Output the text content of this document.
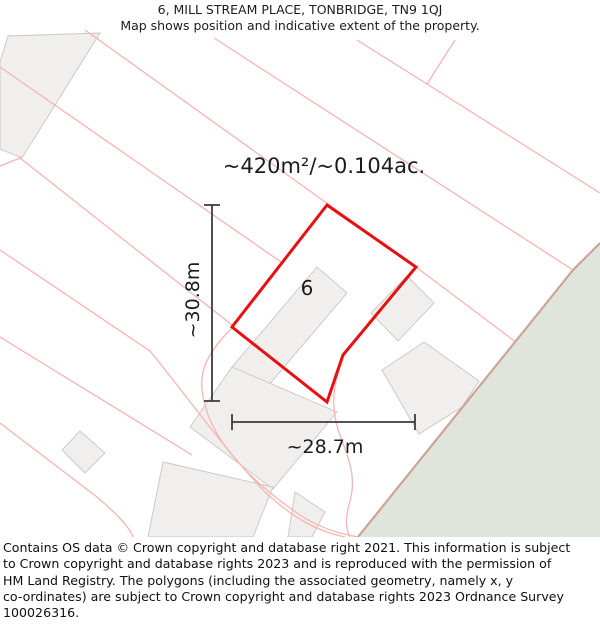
6, MILL STREAM PLACE, TONBRIDGE, TN9 1QJ
Map shows position and indicative extent of the property.
~420m²/~0.104ac.
6
~28.7m
~30.8m
Contains OS data © Crown copyright and database right 2021. This information is subject
to Crown copyright and database rights 2023 and is reproduced with the permission of
HM Land Registry. The polygons (including the associated geometry, namely x, y
co-ordinates) are subject to Crown copyright and database rights 2023 Ordnance Survey
100026316.
